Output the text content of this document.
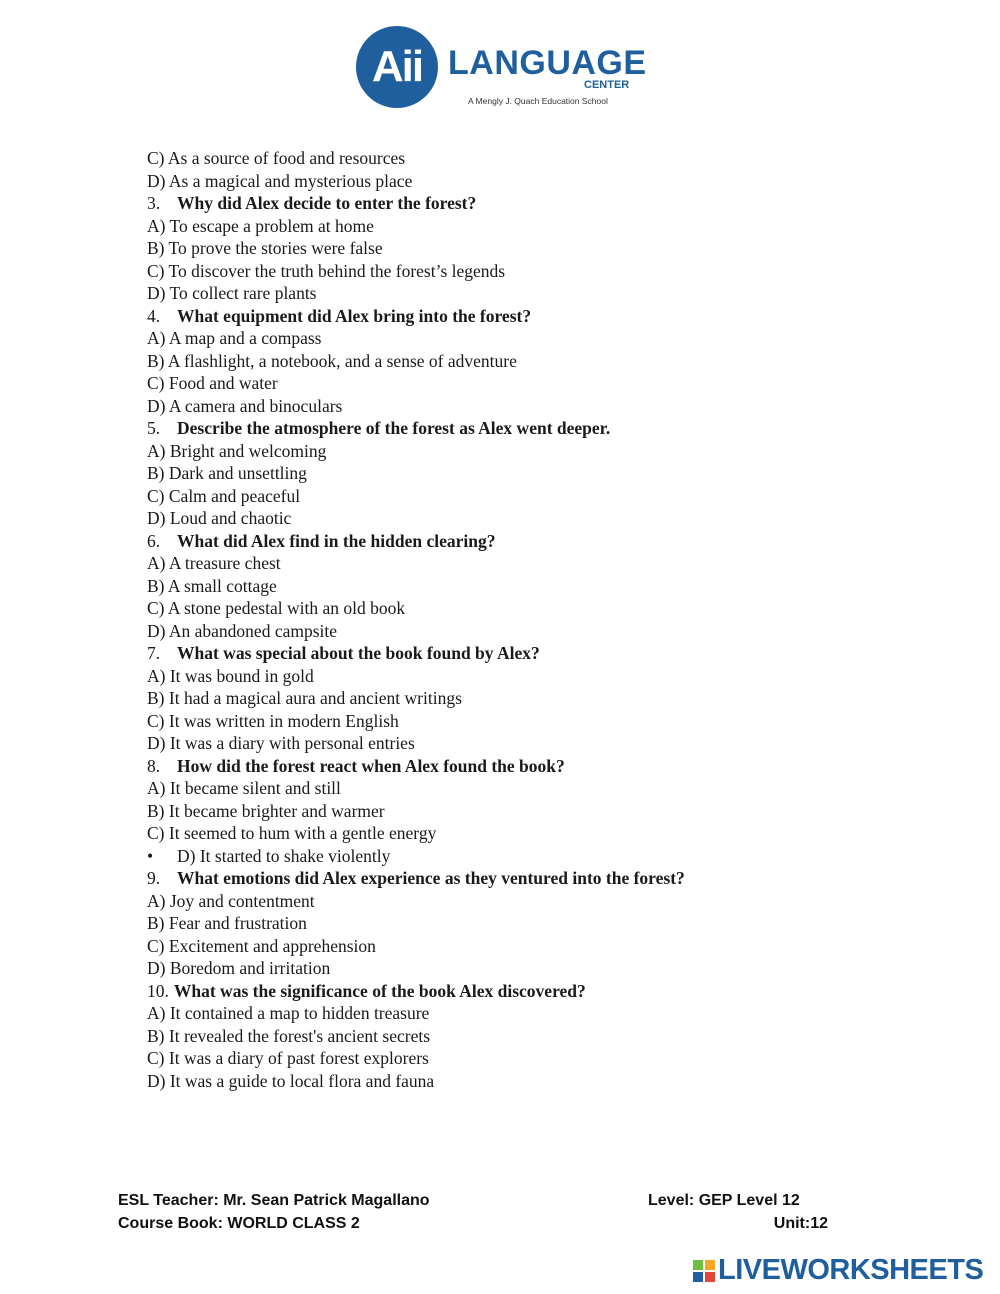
Aii LANGUAGE
CENTER
A Mengly J. Quach Education School
C) As a source of food and resources
D) As a magical and mysterious place
3. Why did Alex decide to enter the forest?
A) To escape a problem at home
B) To prove the stories were false
C) To discover the truth behind the forest’s legends
D) To collect rare plants
4. What equipment did Alex bring into the forest?
A) A map and a compass
B) A flashlight, a notebook, and a sense of adventure
C) Food and water
D) A camera and binoculars
5. Describe the atmosphere of the forest as Alex went deeper.
A) Bright and welcoming
B) Dark and unsettling
C) Calm and peaceful
D) Loud and chaotic
6. What did Alex find in the hidden clearing?
A) A treasure chest
B) A small cottage
C) A stone pedestal with an old book
D) An abandoned campsite
7. What was special about the book found by Alex?
A) It was bound in gold
B) It had a magical aura and ancient writings
C) It was written in modern English
D) It was a diary with personal entries
8. How did the forest react when Alex found the book?
A) It became silent and still
B) It became brighter and warmer
C) It seemed to hum with a gentle energy
• D) It started to shake violently
9. What emotions did Alex experience as they ventured into the forest?
A) Joy and contentment
B) Fear and frustration
C) Excitement and apprehension
D) Boredom and irritation
10. What was the significance of the book Alex discovered?
A) It contained a map to hidden treasure
B) It revealed the forest's ancient secrets
C) It was a diary of past forest explorers
D) It was a guide to local flora and fauna
ESL Teacher: Mr. Sean Patrick Magallano	Level: GEP Level 12
Course Book: WORLD CLASS 2	Unit:12
LIVEWORKSHEETS
